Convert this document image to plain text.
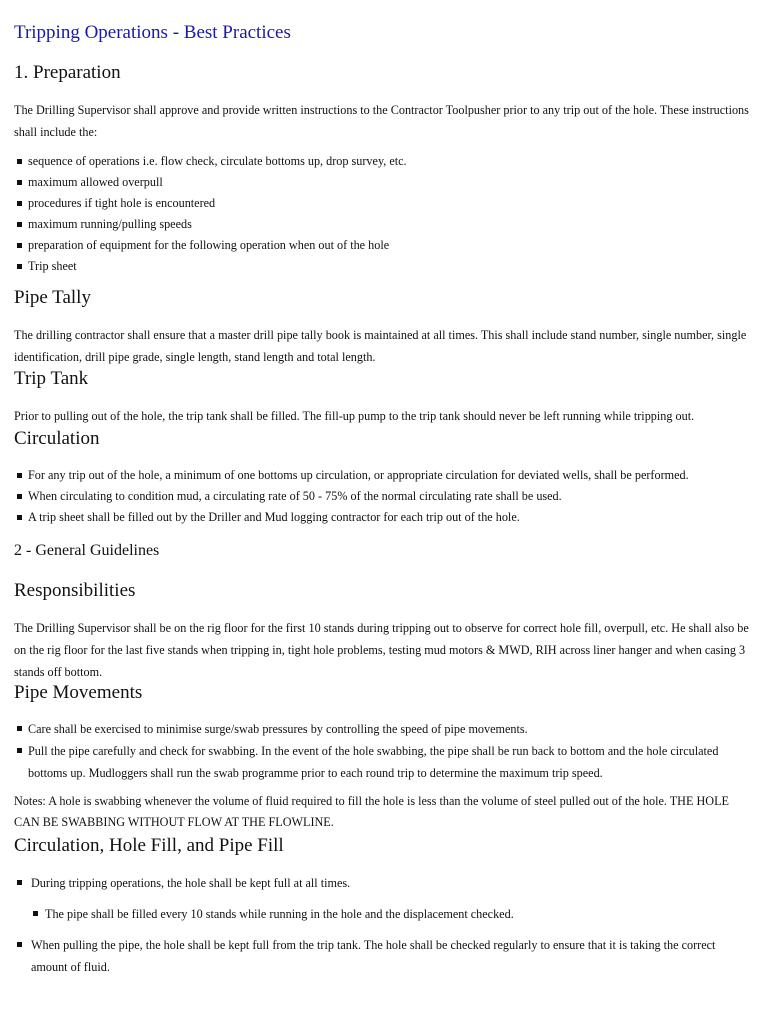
Tripping Operations - Best Practices
1. Preparation
The Drilling Supervisor shall approve and provide written instructions to the Contractor Toolpusher prior to any trip out of the hole. These instructions shall include the:
sequence of operations i.e. flow check, circulate bottoms up, drop survey, etc.
maximum allowed overpull
procedures if tight hole is encountered
maximum running/pulling speeds
preparation of equipment for the following operation when out of the hole
Trip sheet
Pipe Tally
The drilling contractor shall ensure that a master drill pipe tally book is maintained at all times. This shall include stand number, single number, single identification, drill pipe grade, single length, stand length and total length.
Trip Tank
Prior to pulling out of the hole, the trip tank shall be filled. The fill-up pump to the trip tank should never be left running while tripping out.
Circulation
For any trip out of the hole, a minimum of one bottoms up circulation, or appropriate circulation for deviated wells, shall be performed.
When circulating to condition mud, a circulating rate of 50 - 75% of the normal circulating rate shall be used.
A trip sheet shall be filled out by the Driller and Mud logging contractor for each trip out of the hole.
2 - General Guidelines
Responsibilities
The Drilling Supervisor shall be on the rig floor for the first 10 stands during tripping out to observe for correct hole fill, overpull, etc. He shall also be on the rig floor for the last five stands when tripping in, tight hole problems, testing mud motors & MWD, RIH across liner hanger and when casing 3 stands off bottom.
Pipe Movements
Care shall be exercised to minimise surge/swab pressures by controlling the speed of pipe movements.
Pull the pipe carefully and check for swabbing. In the event of the hole swabbing, the pipe shall be run back to bottom and the hole circulated bottoms up. Mudloggers shall run the swab programme prior to each round trip to determine the maximum trip speed.
Notes: A hole is swabbing whenever the volume of fluid required to fill the hole is less than the volume of steel pulled out of the hole. THE HOLE CAN BE SWABBING WITHOUT FLOW AT THE FLOWLINE.
Circulation, Hole Fill, and Pipe Fill
During tripping operations, the hole shall be kept full at all times.
The pipe shall be filled every 10 stands while running in the hole and the displacement checked.
When pulling the pipe, the hole shall be kept full from the trip tank. The hole shall be checked regularly to ensure that it is taking the correct amount of fluid.
